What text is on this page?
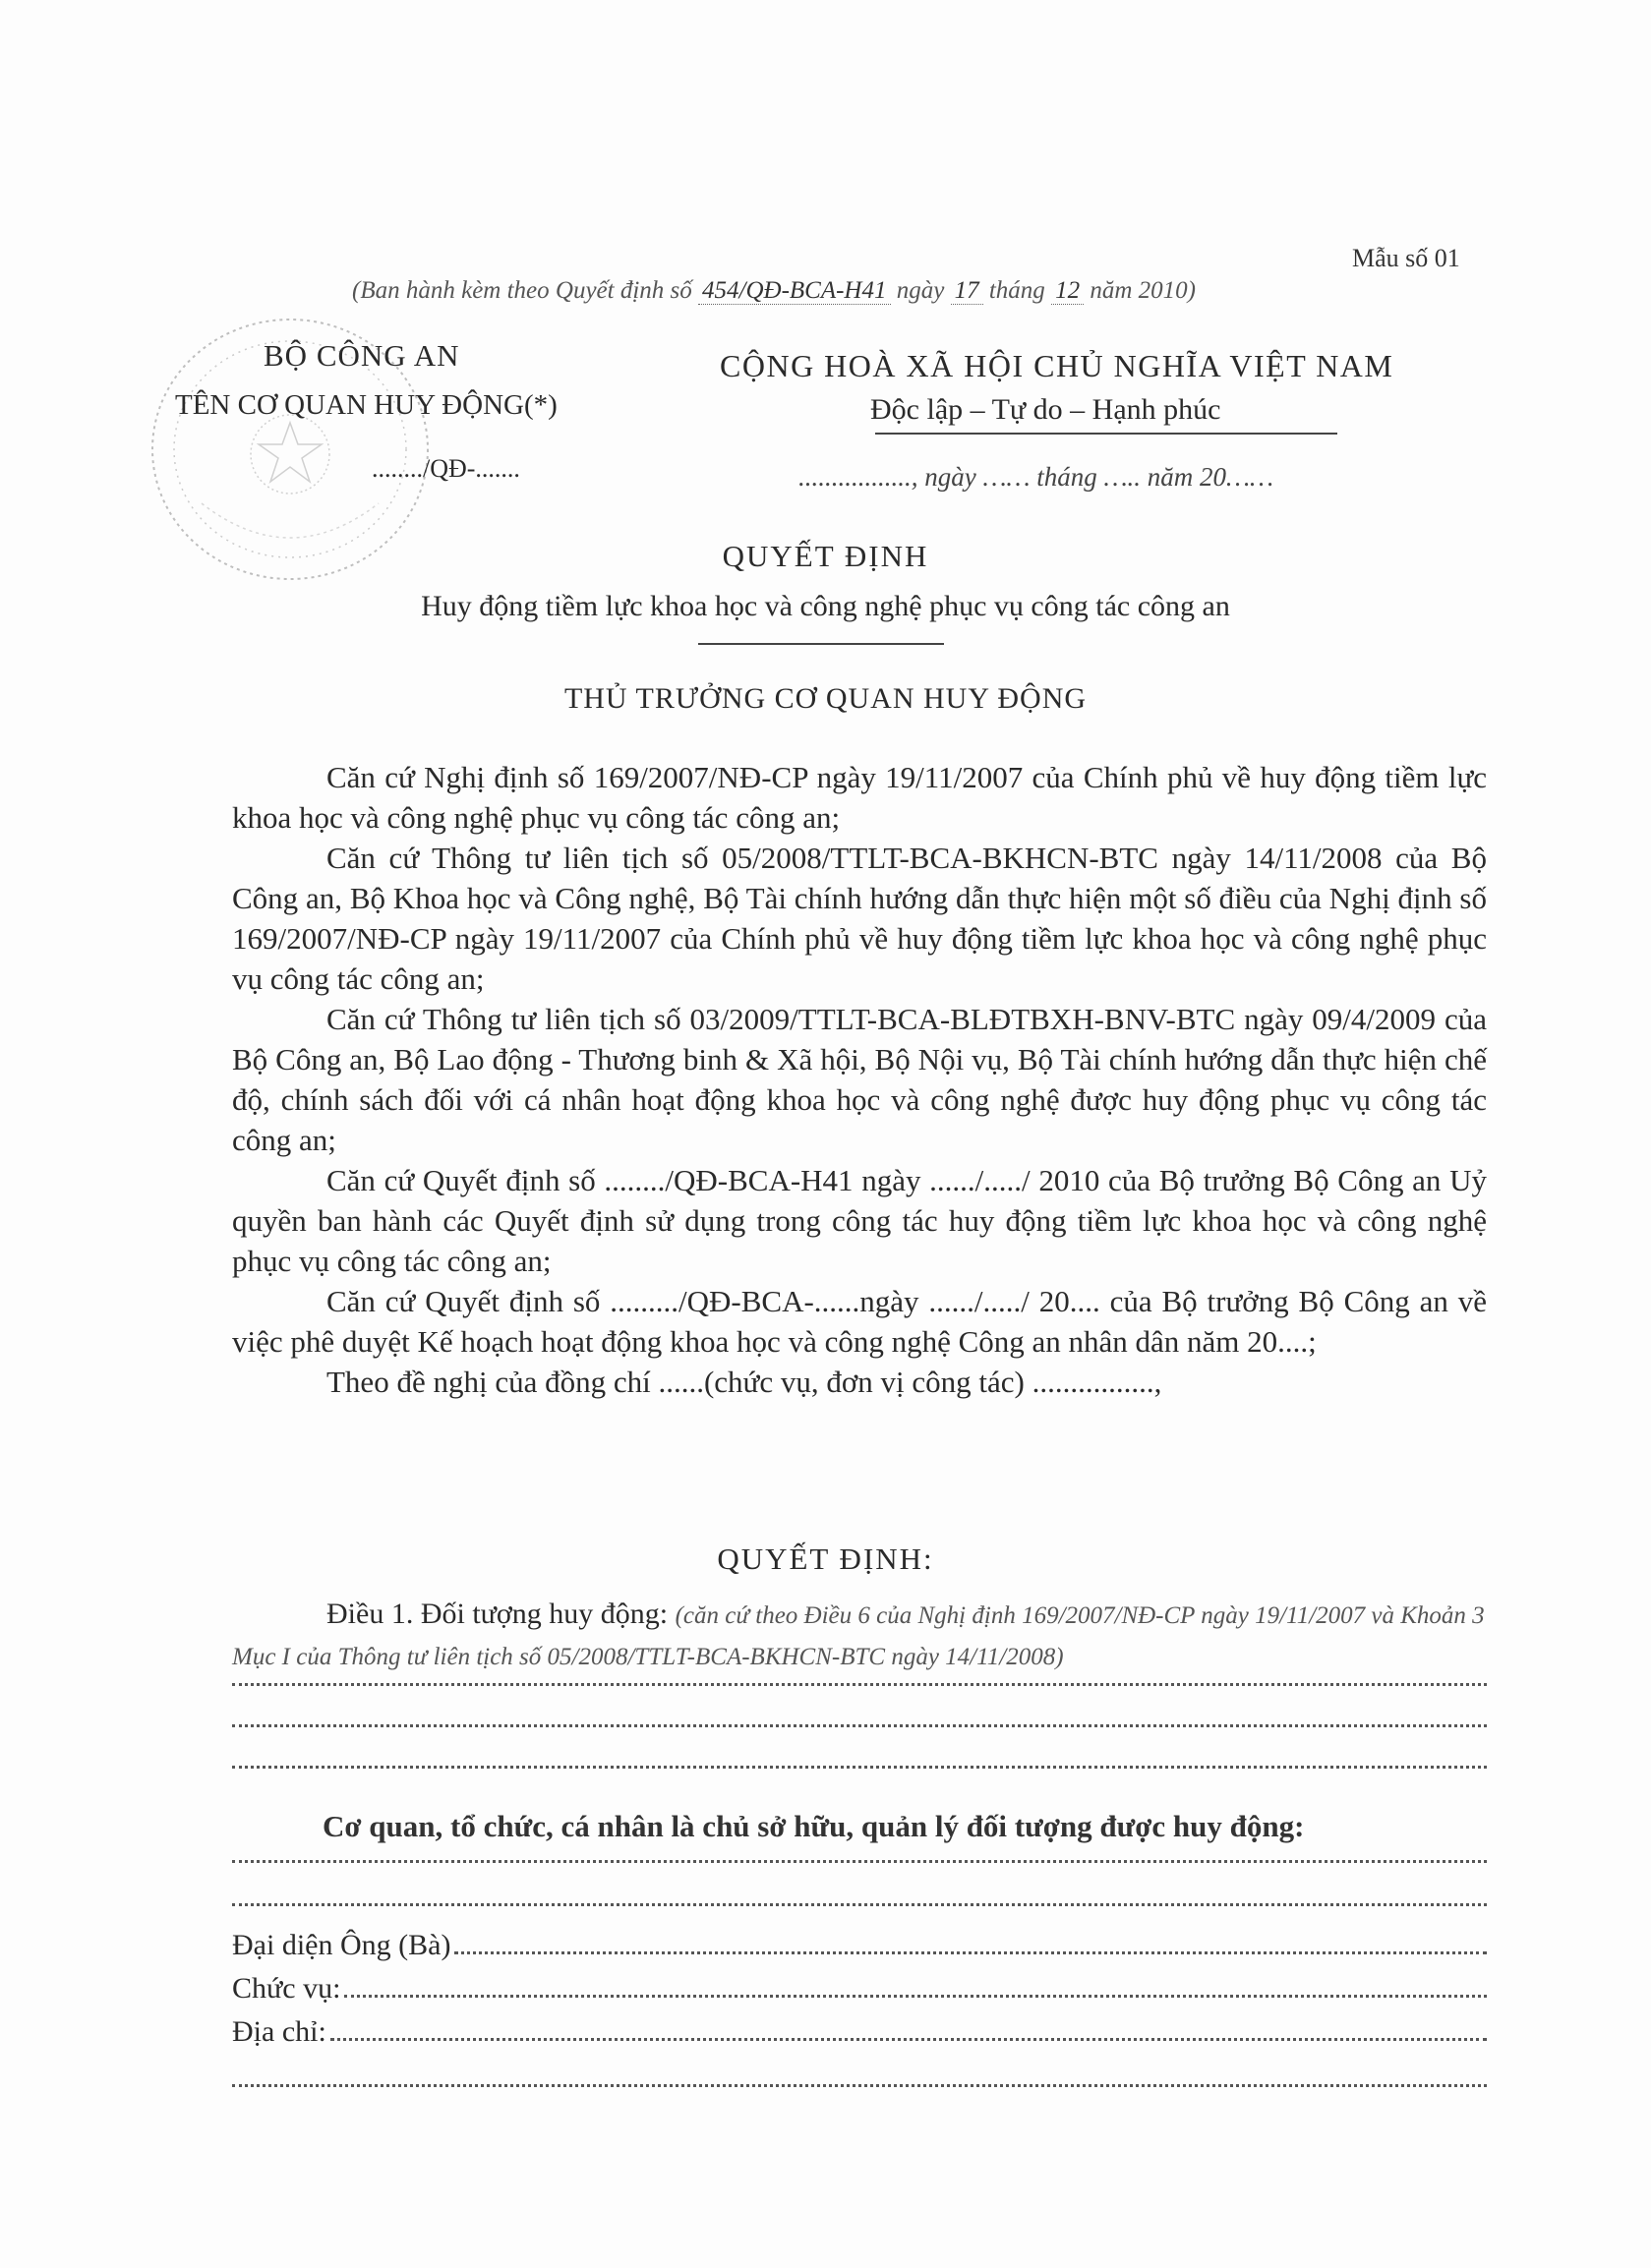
Mẫu số 01
(Ban hành kèm theo Quyết định số 454/QĐ-BCA-H41 ngày 17 tháng 12 năm 2010)
BỘ CÔNG AN
TÊN CƠ QUAN HUY ĐỘNG(*)
......../QĐ-.......
CỘNG HOÀ XÃ HỘI CHỦ NGHĨA VIỆT NAM
Độc lập – Tự do – Hạnh phúc
................., ngày …… tháng ….. năm 20……
QUYẾT ĐỊNH
Huy động tiềm lực khoa học và công nghệ phục vụ công tác công an
THỦ TRƯỞNG CƠ QUAN HUY ĐỘNG

Căn cứ Nghị định số 169/2007/NĐ-CP ngày 19/11/2007 của Chính phủ về huy động tiềm lực khoa học và công nghệ phục vụ công tác công an;

Căn cứ Thông tư liên tịch số 05/2008/TTLT-BCA-BKHCN-BTC ngày 14/11/2008 của Bộ Công an, Bộ Khoa học và Công nghệ, Bộ Tài chính hướng dẫn thực hiện một số điều của Nghị định số 169/2007/NĐ-CP ngày 19/11/2007 của Chính phủ về huy động tiềm lực khoa học và công nghệ phục vụ công tác công an;

Căn cứ Thông tư liên tịch số 03/2009/TTLT-BCA-BLĐTBXH-BNV-BTC ngày 09/4/2009 của Bộ Công an, Bộ Lao động - Thương binh & Xã hội, Bộ Nội vụ, Bộ Tài chính hướng dẫn thực hiện chế độ, chính sách đối với cá nhân hoạt động khoa học và công nghệ được huy động phục vụ công tác công an;

Căn cứ Quyết định số ......../QĐ-BCA-H41 ngày ....../...../ 2010 của Bộ trưởng Bộ Công an Uỷ quyền ban hành các Quyết định sử dụng trong công tác huy động tiềm lực khoa học và công nghệ phục vụ công tác công an;

Căn cứ Quyết định số ........./QĐ-BCA-......ngày ....../...../ 20.... của Bộ trưởng Bộ Công an về việc phê duyệt Kế hoạch hoạt động khoa học và công nghệ Công an nhân dân năm 20....;

Theo đề nghị của đồng chí ......(chức vụ, đơn vị công tác) ................,

QUYẾT ĐỊNH:
Điều 1. Đối tượng huy động: (căn cứ theo Điều 6 của Nghị định 169/2007/NĐ-CP ngày 19/11/2007 và Khoản 3 Mục I của Thông tư liên tịch số 05/2008/TTLT-BCA-BKHCN-BTC ngày 14/11/2008)
Cơ quan, tổ chức, cá nhân là chủ sở hữu, quản lý đối tượng được huy động:
Đại diện Ông (Bà)
Chức vụ:
Địa chỉ:
